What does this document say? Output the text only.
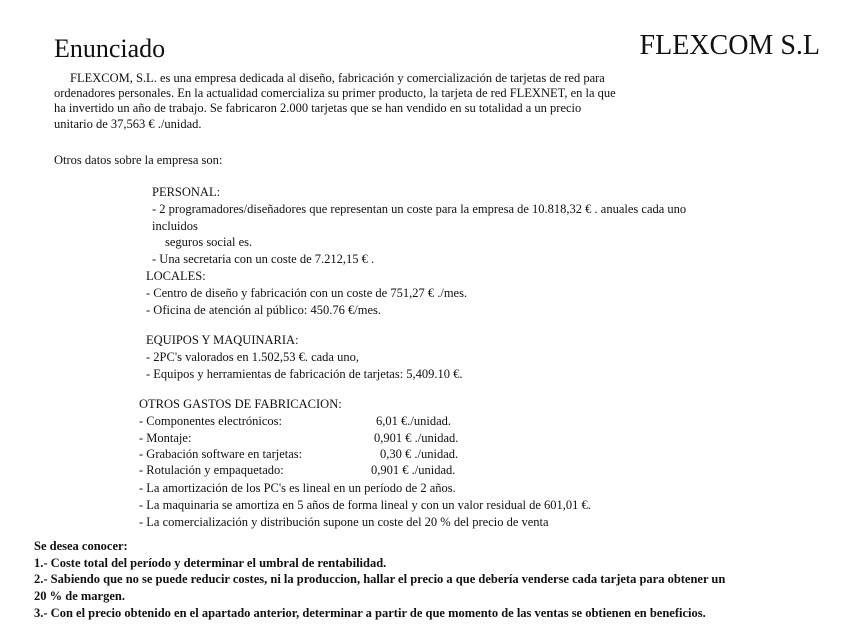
Enunciado	FLEXCOM S.L

FLEXCOM, S.L. es una empresa dedicada al diseño, fabricación y comercialización de tarjetas de red para

ordenadores personales. En la actualidad comercializa su primer producto, la tarjeta de red FLEXNET, en la que

ha invertido un año de trabajo. Se fabricaron 2.000 tarjetas que se han vendido en su totalidad a un precio

unitario de 37,563 € ./unidad.

Otros datos sobre la empresa son:
PERSONAL:
- 2 programadores/diseñadores que representan un coste para la empresa de 10.818,32 € . anuales cada uno
incluidos
seguros social es.
- Una secretaria con un coste de 7.212,15 € .
LOCALES:
- Centro de diseño y fabricación con un coste de 751,27 € ./mes.
- Oficina de atención al público: 450.76 €/mes.
EQUIPOS Y MAQUINARIA:
- 2PC's valorados en 1.502,53 €. cada uno,
- Equipos y herramientas de fabricación de tarjetas: 5,409.10 €.
OTROS GASTOS DE FABRICACION:
- Componentes electrónicos:	6,01 €./unidad.
- Montaje:	0,901 € ./unidad.
- Grabación software en tarjetas:	0,30 € ./unidad.
- Rotulación y empaquetado:	0,901 € ./unidad.
- La amortización de los PC's es lineal en un período de 2 años.
- La maquinaria se amortiza en 5 años de forma lineal y con un valor residual de 601,01 €.
- La comercialización y distribución supone un coste del 20 % del precio de venta
Se desea conocer:
1.- Coste total del período y determinar el umbral de rentabilidad.
2.- Sabiendo que no se puede reducir costes, ni la produccion, hallar el precio a que debería venderse cada tarjeta para obtener un
20 % de margen.
3.- Con el precio obtenido en el apartado anterior, determinar a partir de que momento de las ventas se obtienen en beneficios.
